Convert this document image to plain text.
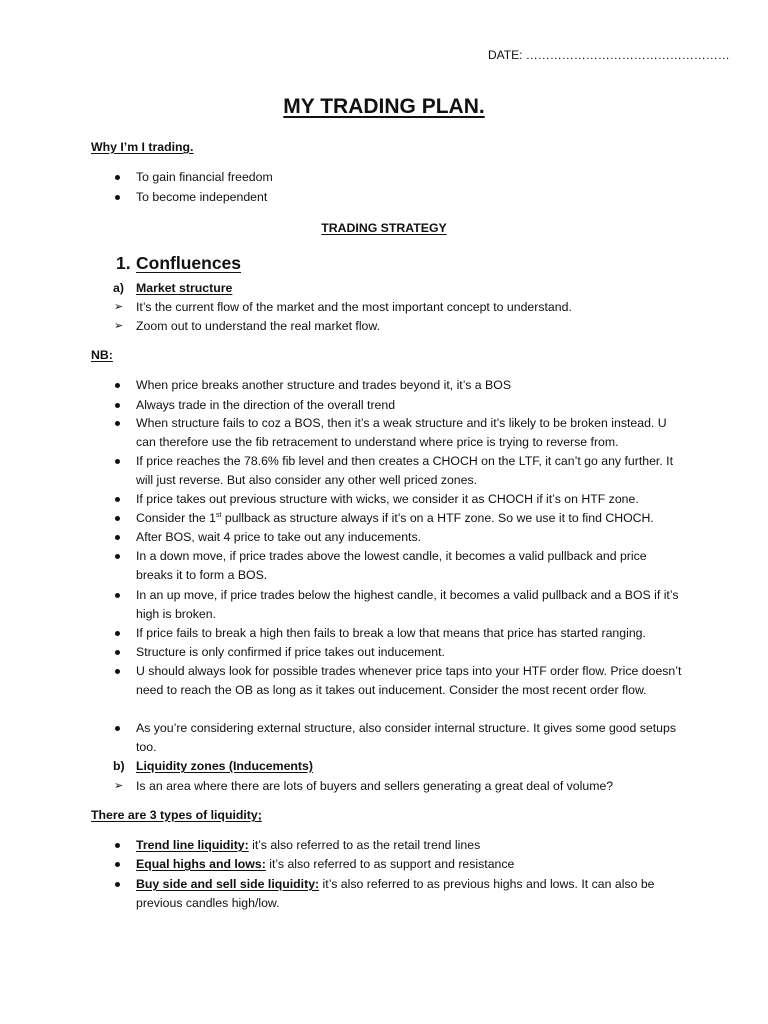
DATE: ……………………………………………
MY TRADING PLAN.
Why I’m I trading.
To gain financial freedom
To become independent
TRADING STRATEGY
1. Confluences
a) Market structure
➢ It’s the current flow of the market and the most important concept to understand.
➢ Zoom out to understand the real market flow.
NB:
When price breaks another structure and trades beyond it, it’s a BOS
Always trade in the direction of the overall trend
When structure fails to coz a BOS, then it’s a weak structure and it’s likely to be broken instead. U can therefore use the fib retracement to understand where price is trying to reverse from.
If price reaches the 78.6% fib level and then creates a CHOCH on the LTF, it can’t go any further. It will just reverse. But also consider any other well priced zones.
If price takes out previous structure with wicks, we consider it as CHOCH if it’s on HTF zone.
Consider the 1st pullback as structure always if it’s on a HTF zone. So we use it to find CHOCH.
After BOS, wait 4 price to take out any inducements.
In a down move, if price trades above the lowest candle, it becomes a valid pullback and price breaks it to form a BOS.
In an up move, if price trades below the highest candle, it becomes a valid pullback and a BOS if it’s high is broken.
If price fails to break a high then fails to break a low that means that price has started ranging.
Structure is only confirmed if price takes out inducement.
U should always look for possible trades whenever price taps into your HTF order flow. Price doesn’t need to reach the OB as long as it takes out inducement. Consider the most recent order flow.
As you’re considering external structure, also consider internal structure. It gives some good setups too.
b) Liquidity zones (Inducements)
➢ Is an area where there are lots of buyers and sellers generating a great deal of volume?
There are 3 types of liquidity;
Trend line liquidity: it’s also referred to as the retail trend lines
Equal highs and lows: it’s also referred to as support and resistance
Buy side and sell side liquidity: it’s also referred to as previous highs and lows. It can also be previous candles high/low.
